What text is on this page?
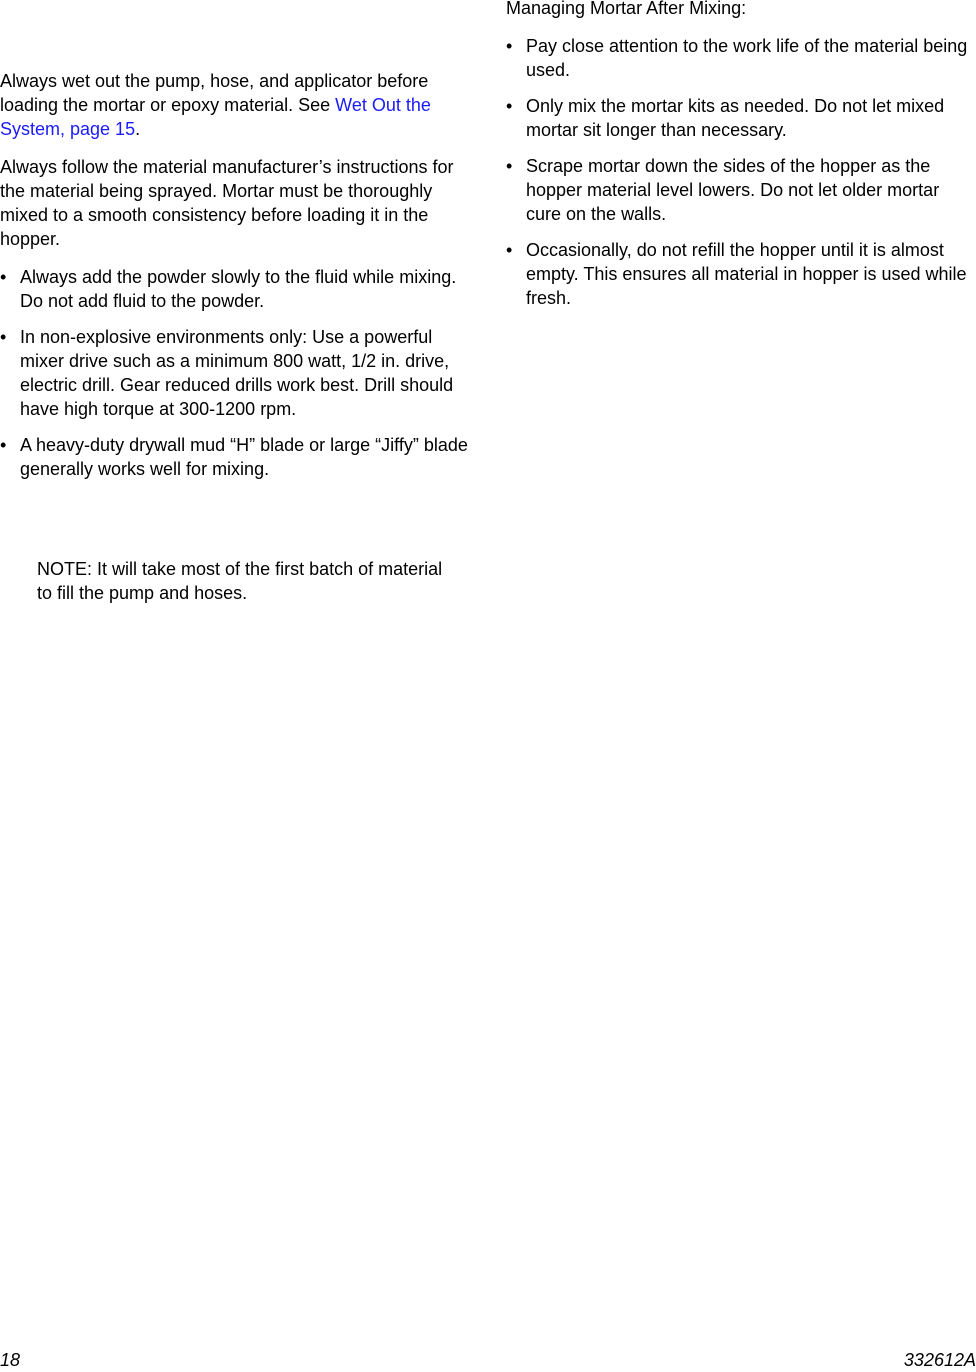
Always wet out the pump, hose, and applicator before loading the mortar or epoxy material. See Wet Out the System, page 15.

Always follow the material manufacturer’s instructions for the material being sprayed. Mortar must be thoroughly mixed to a smooth consistency before loading it in the hopper.

• Always add the powder slowly to the fluid while mixing. Do not add fluid to the powder.
• In non-explosive environments only: Use a powerful mixer drive such as a minimum 800 watt, 1/2 in. drive, electric drill. Gear reduced drills work best. Drill should have high torque at 300-1200 rpm.
• A heavy-duty drywall mud “H” blade or large “Jiffy” blade generally works well for mixing.

NOTE: It will take most of the first batch of material to fill the pump and hoses.

Managing Mortar After Mixing:

• Pay close attention to the work life of the material being used.
• Only mix the mortar kits as needed. Do not let mixed mortar sit longer than necessary.
• Scrape mortar down the sides of the hopper as the hopper material level lowers. Do not let older mortar cure on the walls.
• Occasionally, do not refill the hopper until it is almost empty. This ensures all material in hopper is used while fresh.
18	332612A
